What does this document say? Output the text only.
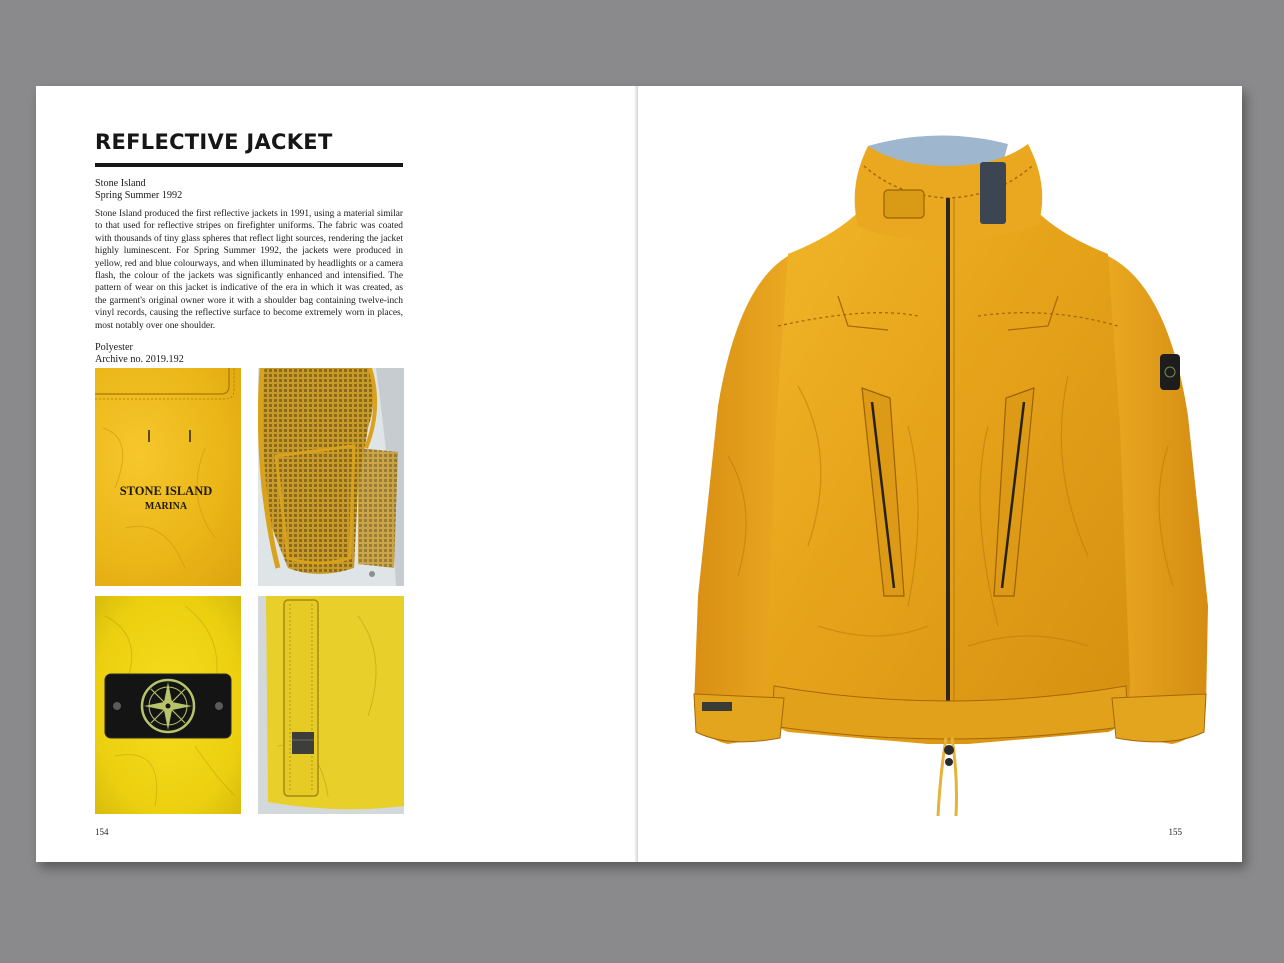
REFLECTIVE JACKET

Stone Island

Spring Summer 1992

Stone Island produced the first reflective jackets in 1991, using a material similar to that used for reflective stripes on firefighter uniforms. The fabric was coated with thousands of tiny glass spheres that reflect light sources, rendering the jacket highly luminescent. For Spring Summer 1992, the jackets were produced in yellow, red and blue colourways, and when illuminated by headlights or a camera flash, the colour of the jackets was significantly enhanced and intensified. The pattern of wear on this jacket is indicative of the era in which it was created, as the garment's original owner wore it with a shoulder bag containing twelve-inch vinyl records, causing the reflective surface to become extremely worn in places, most notably over one shoulder.

Polyester

Archive no. 2019.192

STONE ISLAND
MARINA

154	155
